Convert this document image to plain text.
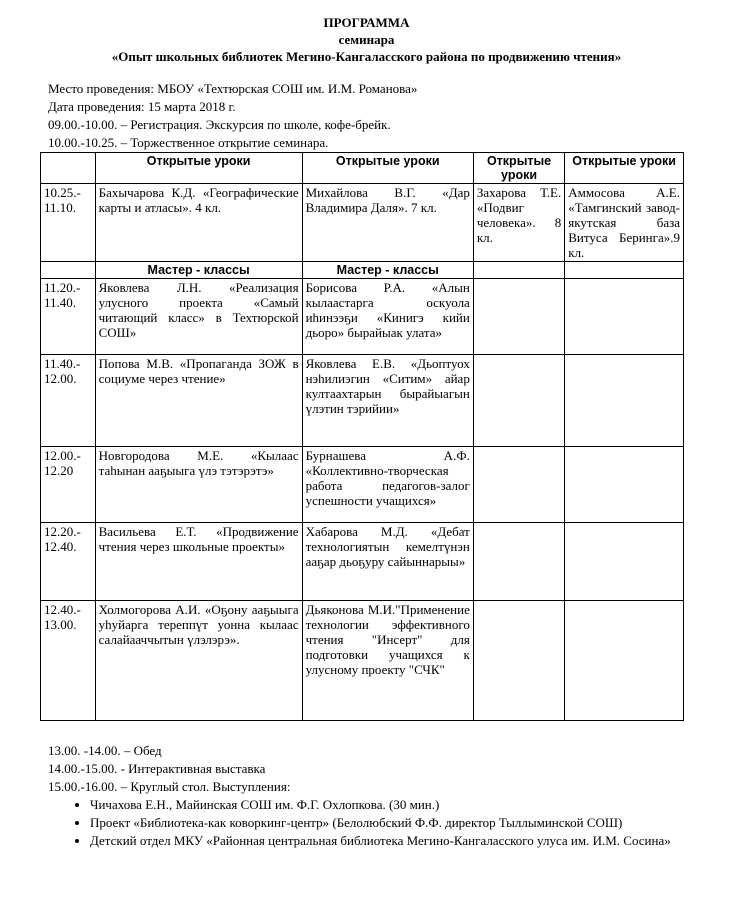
ПРОГРАММА
семинара
«Опыт школьных библиотек Мегино-Кангаласского района по продвижению чтения»
Место проведения: МБОУ «Техтюрская СОШ им. И.М. Романова»
Дата проведения: 15 марта 2018 г.
09.00.-10.00. – Регистрация. Экскурсия по школе, кофе-брейк.
10.00.-10.25. – Торжественное открытие семинара.
	Открытые уроки	Открытые уроки	Открытые уроки	Открытые уроки
10.25.- 11.10.	Бахычарова К.Д. «Географические карты и атласы». 4 кл.	Михайлова В.Г. «Дар Владимира Даля». 7 кл.	Захарова Т.Е. «Подвиг человека». 8 кл.	Аммосова А.Е. «Тамгинский завод-якутская база Витуса Беринга».9 кл.
	Мастер - классы	Мастер - классы		
11.20.- 11.40.	Яковлева Л.Н. «Реализация улусного проекта «Самый читающий класс» в Техтюрской СОШ»	Борисова Р.А. «Алын кылаастарга оскуола иhинээҕи «Кинигэ кийи дьоро» бырайыак улата»		
11.40.- 12.00.	Попова М.В. «Пропаганда ЗОЖ в социуме через чтение»	Яковлева Е.В. «Дьоптуох нэhилиэгин «Ситим» айар култаахтарын бырайыагын үлэтин тэрийии»		
12.00.- 12.20	Новгородова М.Е. «Кылаас таһынан ааҕыыга үлэ тэтэрэтэ»	Бурнашева А.Ф. «Коллективно-творческая работа педагогов-залог успешности учащихся»		
12.20.- 12.40.	Васильева Е.Т. «Продвижение чтения через школьные проекты»	Хабарова М.Д. «Дебат технологиятын кемелтүнэн ааҕар дьоҕуру сайыннарыы»		
12.40.- 13.00.	Холмогорова А.И. «Оҕону ааҕыыга уһуйарга тереппүт уонна кылаас салайааччытын үлэлэрэ».	Дьяконова М.И."Применение технологии эффективного чтения "Инсерт" для подготовки учащихся к улусному проекту "СЧК"		
13.00. -14.00. – Обед
14.00.-15.00. - Интерактивная выставка
15.00.-16.00. – Круглый стол. Выступления:
• Чичахова Е.Н., Майинская СОШ им. Ф.Г. Охлопкова. (30 мин.)
• Проект «Библиотека-как коворкинг-центр» (Белолюбский Ф.Ф. директор Тыллыминской СОШ)
• Детский отдел МКУ «Районная центральная библиотека Мегино-Кангаласского улуса им. И.М. Сосина»
